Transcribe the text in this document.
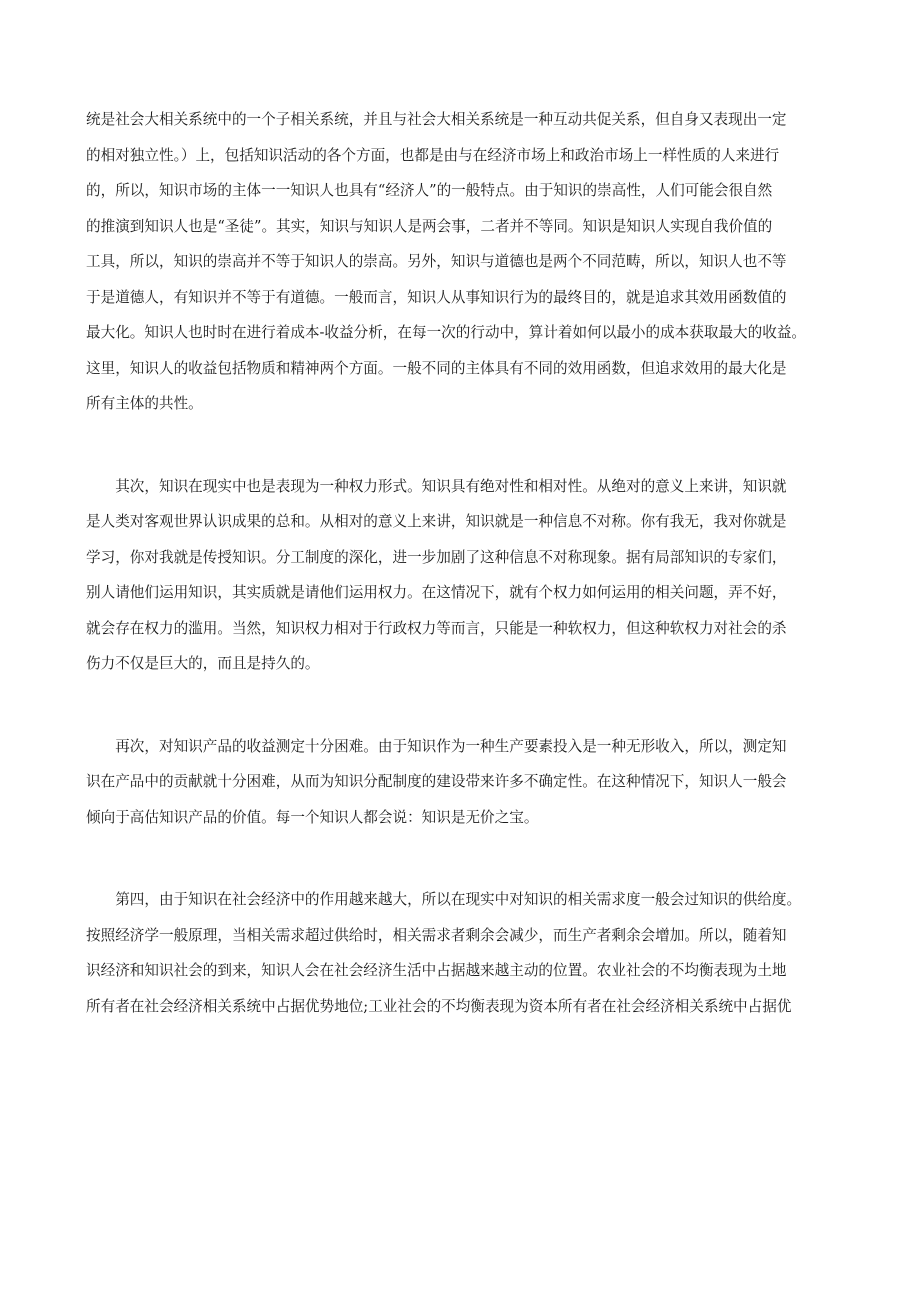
统是社会大相关系统中的一个子相关系统，并且与社会大相关系统是一种互动共促关系，但自身又表现出一定
的相对独立性。）上，包括知识活动的各个方面，也都是由与在经济市场上和政治市场上一样性质的人来进行
的，所以，知识市场的主体一一知识人也具有“经济人”的一般特点。由于知识的崇高性，人们可能会很自然
的推演到知识人也是“圣徒”。其实，知识与知识人是两会事，二者并不等同。知识是知识人实现自我价值的
工具，所以，知识的崇高并不等于知识人的崇高。另外，知识与道德也是两个不同范畴，所以，知识人也不等
于是道德人，有知识并不等于有道德。一般而言，知识人从事知识行为的最终目的，就是追求其效用函数值的
最大化。知识人也时时在进行着成本-收益分析，在每一次的行动中，算计着如何以最小的成本获取最大的收益。
这里，知识人的收益包括物质和精神两个方面。一般不同的主体具有不同的效用函数，但追求效用的最大化是
所有主体的共性。
　　其次，知识在现实中也是表现为一种权力形式。知识具有绝对性和相对性。从绝对的意义上来讲，知识就
是人类对客观世界认识成果的总和。从相对的意义上来讲，知识就是一种信息不对称。你有我无，我对你就是
学习，你对我就是传授知识。分工制度的深化，进一步加剧了这种信息不对称现象。据有局部知识的专家们，
别人请他们运用知识，其实质就是请他们运用权力。在这情况下，就有个权力如何运用的相关问题，弄不好，
就会存在权力的滥用。当然，知识权力相对于行政权力等而言，只能是一种软权力，但这种软权力对社会的杀
伤力不仅是巨大的，而且是持久的。
　　再次，对知识产品的收益测定十分困难。由于知识作为一种生产要素投入是一种无形收入，所以，测定知
识在产品中的贡献就十分困难，从而为知识分配制度的建设带来许多不确定性。在这种情况下，知识人一般会
倾向于高估知识产品的价值。每一个知识人都会说：知识是无价之宝。
　　第四，由于知识在社会经济中的作用越来越大，所以在现实中对知识的相关需求度一般会过知识的供给度。
按照经济学一般原理，当相关需求超过供给时，相关需求者剩余会减少，而生产者剩余会增加。所以，随着知
识经济和知识社会的到来，知识人会在社会经济生活中占据越来越主动的位置。农业社会的不均衡表现为土地
所有者在社会经济相关系统中占据优势地位;工业社会的不均衡表现为资本所有者在社会经济相关系统中占据优
